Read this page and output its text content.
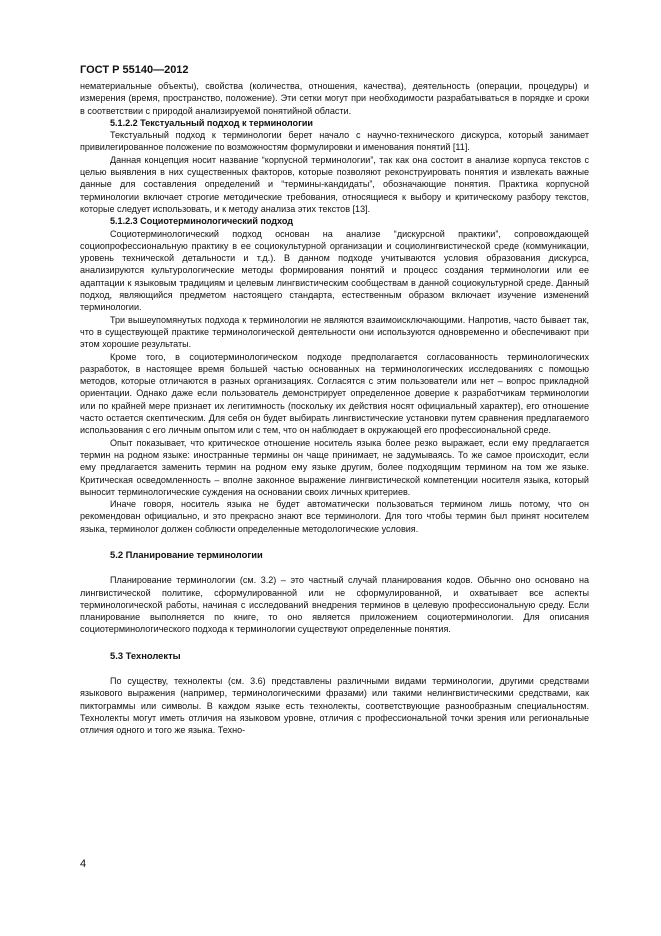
ГОСТ Р 55140—2012

нематериальные объекты), свойства (количества, отношения, качества), деятельность (операции, процедуры) и измерения (время, пространство, положение). Эти сетки могут при необходимости разрабатываться в порядке и сроки в соответствии с природой анализируемой понятийной области.

5.1.2.2 Текстуальный подход к терминологии

Текстуальный подход к терминологии берет начало с научно-технического дискурса, который занимает привилегированное положение по возможностям формулировки и именования понятий [11].

Данная концепция носит название “корпусной терминологии”, так как она состоит в анализе корпуса текстов с целью выявления в них существенных факторов, которые позволяют реконструировать понятия и извлекать важные данные для составления определений и “термины-кандидаты”, обозначающие понятия. Практика корпусной терминологии включает строгие методические требования, относящиеся к выбору и критическому разбору текстов, которые следует использовать, и к методу анализа этих текстов [13].

5.1.2.3 Социотерминологический подход

Социотерминологический подход основан на анализе “дискурсной практики”, сопровождающей социопрофессиональную практику в ее социокультурной организации и социолингвистической среде (коммуникации, уровень технической детальности и т.д.). В данном подходе учитываются условия образования дискурса, анализируются культурологические методы формирования понятий и процесс создания терминологии или ее адаптации к языковым традициям и целевым лингвистическим сообществам в данной социокультурной среде. Данный подход, являющийся предметом настоящего стандарта, естественным образом включает изучение изменений терминологии.

Три вышеупомянутых подхода к терминологии не являются взаимоисключающими. Напротив, часто бывает так, что в существующей практике терминологической деятельности они используются одновременно и обеспечивают при этом хорошие результаты.

Кроме того, в социотерминологическом подходе предполагается согласованность терминологических разработок, в настоящее время большей частью основанных на терминологических исследованиях с помощью методов, которые отличаются в разных организациях. Согласятся с этим пользователи или нет – вопрос прикладной ориентации. Однако даже если пользователь демонстрирует определенное доверие к разработчикам терминологии или по крайней мере признает их легитимность (поскольку их действия носят официальный характер), его отношение часто остается скептическим. Для себя он будет выбирать лингвистические установки путем сравнения предлагаемого использования с его личным опытом или с тем, что он наблюдает в окружающей его профессиональной среде.

Опыт показывает, что критическое отношение носитель языка более резко выражает, если ему предлагается термин на родном языке: иностранные термины он чаще принимает, не задумываясь. То же самое происходит, если ему предлагается заменить термин на родном ему языке другим, более подходящим термином на том же языке. Критическая осведомленность – вполне законное выражение лингвистической компетенции носителя языка, который выносит терминологические суждения на основании своих личных критериев.

Иначе говоря, носитель языка не будет автоматически пользоваться термином лишь потому, что он рекомендован официально, и это прекрасно знают все терминологи. Для того чтобы термин был принят носителем языка, терминолог должен соблюсти определенные методологические условия.

5.2 Планирование терминологии

Планирование терминологии (см. 3.2) – это частный случай планирования кодов. Обычно оно основано на лингвистической политике, сформулированной или не сформулированной, и охватывает все аспекты терминологической работы, начиная с исследований внедрения терминов в целевую профессиональную среду. Если планирование выполняется по книге, то оно является приложением социотерминологии. Для описания социотерминологического подхода к терминологии существуют определенные понятия.

5.3 Технолекты

По существу, технолекты (см. 3.6) представлены различными видами терминологии, другими средствами языкового выражения (например, терминологическими фразами) или такими нелингвистическими средствами, как пиктограммы или символы. В каждом языке есть технолекты, соответствующие разнообразным специальностям. Технолекты могут иметь отличия на языковом уровне, отличия с профессиональной точки зрения или региональные отличия одного и того же языка. Техно-

4
